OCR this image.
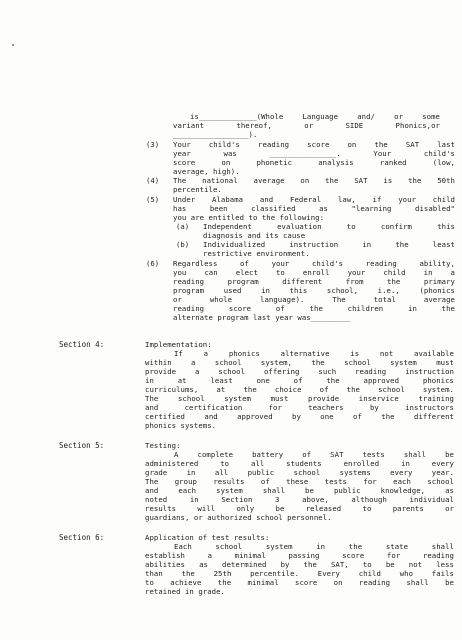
is_____________(Whole Language and/ or some
variant thereof, or SIDE Phonics,or
_________________).
(3) Your child's reading score on the SAT last
year was _______________. Your child's
score on phonetic analysis ranked (low,
average, high).
(4) The national average on the SAT is the 50th
percentile.
(5) Under Alabama and Federal law, if your child
has been classified as "learning disabled"
you are entitled to the following:
(a) Independent evaluation to confirm this
diagnosis and its cause
(b) Individualized instruction in the least
restrictive environment.
(6) Regardless of your child's reading ability,
you can elect to enroll your child in a
reading program different from the primary
program used in this school, i.e., (phonics
or whole language). The total average
reading score of the children in the
alternate program last year was_________
Section 4:	Implementation:
If a phonics alternative is not available
within a school system, the school system must
provide a school offering such reading instruction
in at least one of the approved phonics
curriculums, at the choice of the school system.
The school system must provide inservice training
and certification for teachers by instructors
certified and approved by one of the different
phonics systems.
Section 5:	Testing:
A complete battery of SAT tests shall be
administered to all students enrolled in every
grade in all public school systems every year.
The group results of these tests for each school
and each system shall be public knowledge, as
noted in Section 3 above, although individual
results will only be released to parents or
guardians, or authorized school personnel.
Section 6:	Application of test results:
Each school system in the state shall
establish a minimal passing score for reading
abilities as determined by the SAT, to be not less
than the 25th percentile. Every child who fails
to achieve the minimal score on reading shall be
retained in grade.
